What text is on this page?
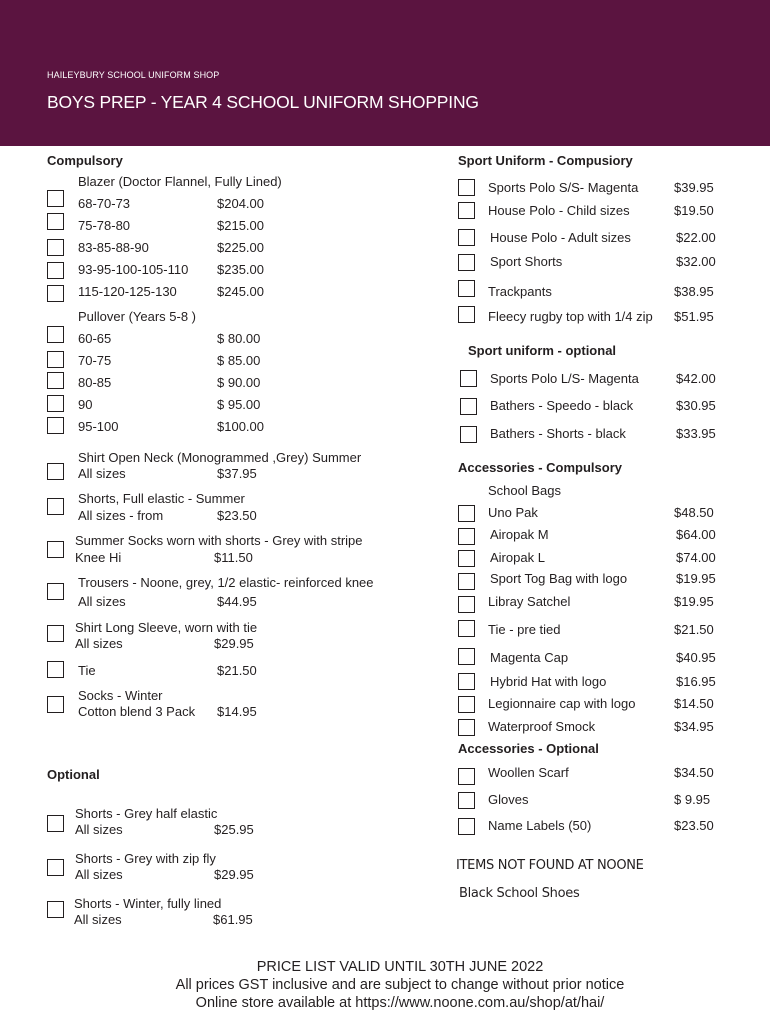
HAILEYBURY SCHOOL UNIFORM SHOP
BOYS PREP - YEAR 4 SCHOOL UNIFORM SHOPPING
Compulsory
Blazer (Doctor Flannel, Fully Lined)
68-70-73	$204.00
75-78-80	$215.00
83-85-88-90	$225.00
93-95-100-105-110 $235.00
115-120-125-130	$245.00
Pullover (Years 5-8 )
60-65	$ 80.00
70-75	$ 85.00
80-85	$ 90.00
90	$ 95.00
95-100	$100.00
Shirt Open Neck (Monogrammed ,Grey) Summer
All sizes	$37.95
Shorts, Full elastic - Summer
All sizes - from	$23.50
Summer Socks worn with shorts - Grey with stripe
Knee Hi	$11.50
Trousers - Noone, grey, 1/2 elastic- reinforced knee
All sizes	$44.95
Shirt Long Sleeve, worn with tie
All sizes	$29.95
Tie	$21.50
Socks - Winter
Cotton blend 3 Pack $14.95
Optional
Shorts - Grey half elastic
All sizes	$25.95
Shorts - Grey with zip fly
All sizes	$29.95
Shorts - Winter, fully lined
All sizes	$61.95
Sport Uniform - Compusiory
Sports Polo S/S- Magenta	$39.95
House Polo - Child sizes	$19.50
House Polo - Adult sizes	$22.00
Sport Shorts	$32.00
Trackpants	$38.95
Fleecy rugby top with 1/4 zip $51.95
Sport uniform - optional
Sports Polo L/S- Magenta	$42.00
Bathers - Speedo - black	$30.95
Bathers - Shorts - black	$33.95
Accessories - Compulsory
School Bags
Uno Pak	$48.50
Airopak M	$64.00
Airopak L	$74.00
Sport Tog Bag with logo	$19.95
Libray Satchel	$19.95
Tie - pre tied	$21.50
Magenta Cap	$40.95
Hybrid Hat with logo	$16.95
Legionnaire cap with logo	$14.50
Waterproof Smock	$34.95
Accessories - Optional
Woollen Scarf	$34.50
Gloves	$ 9.95
Name Labels (50)	$23.50
ITEMS NOT FOUND AT NOONE
Black School Shoes
PRICE LIST VALID UNTIL 30TH JUNE 2022
All prices GST inclusive and are subject to change without prior notice
Online store available at https://www.noone.com.au/shop/at/hai/
